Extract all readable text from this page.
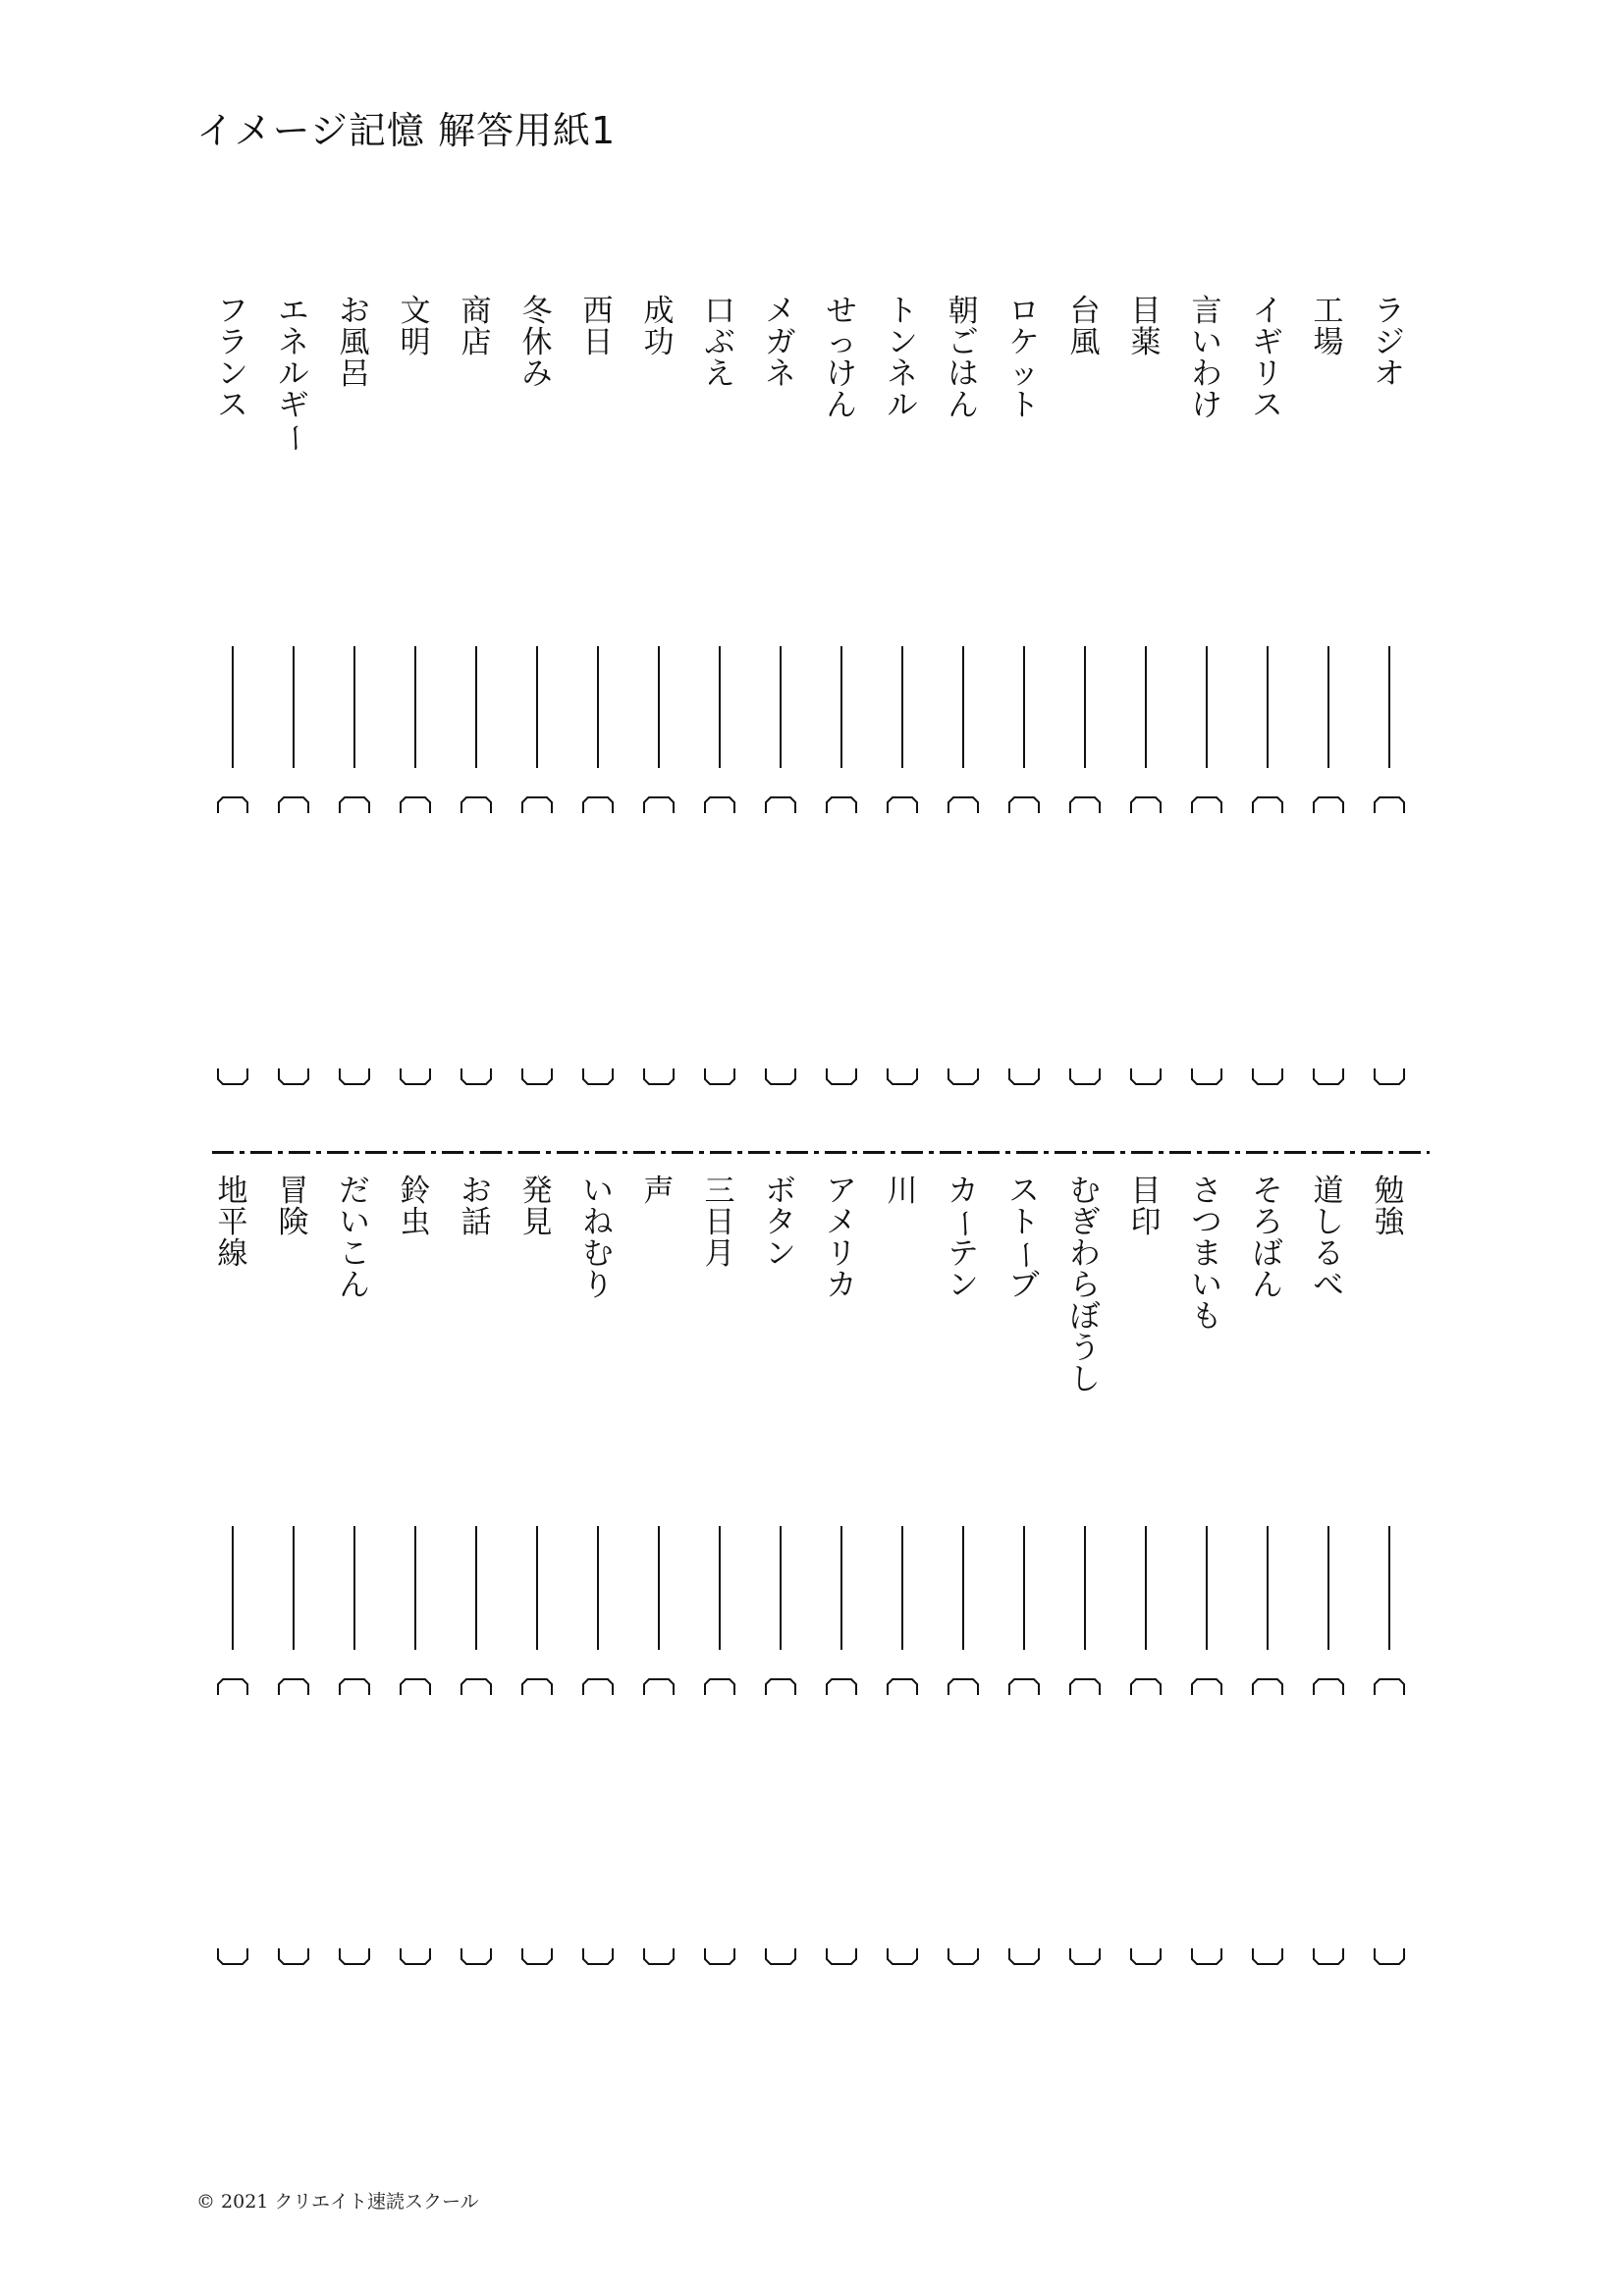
イメージ記憶 解答用紙1
ラ
ジ
オ
工
場
イ
ギ
リ
ス
言
い
わ
け
目
薬
台
風
ロ
ケ
ッ
ト
朝
ご
は
ん
ト
ン
ネ
ル
せ
っ
け
ん
メ
ガ
ネ
口
ぶ
え
成
功
西
日
冬
休
み
商
店
文
明
お
風
呂
エ
ネ
ル
ギ
ー
フ
ラ
ン
ス
勉
強
道
し
る
べ
そ
ろ
ば
ん
さ
つ
ま
い
も
目
印
む
ぎ
わ
ら
ぼ
う
し
ス
ト
ー
ブ
カ
ー
テ
ン
川
ア
メ
リ
カ
ボ
タ
ン
三
日
月
声
い
ね
む
り
発
見
お
話
鈴
虫
だ
い
こ
ん
冒
険
地
平
線
© 2021 クリエイト速読スクール
